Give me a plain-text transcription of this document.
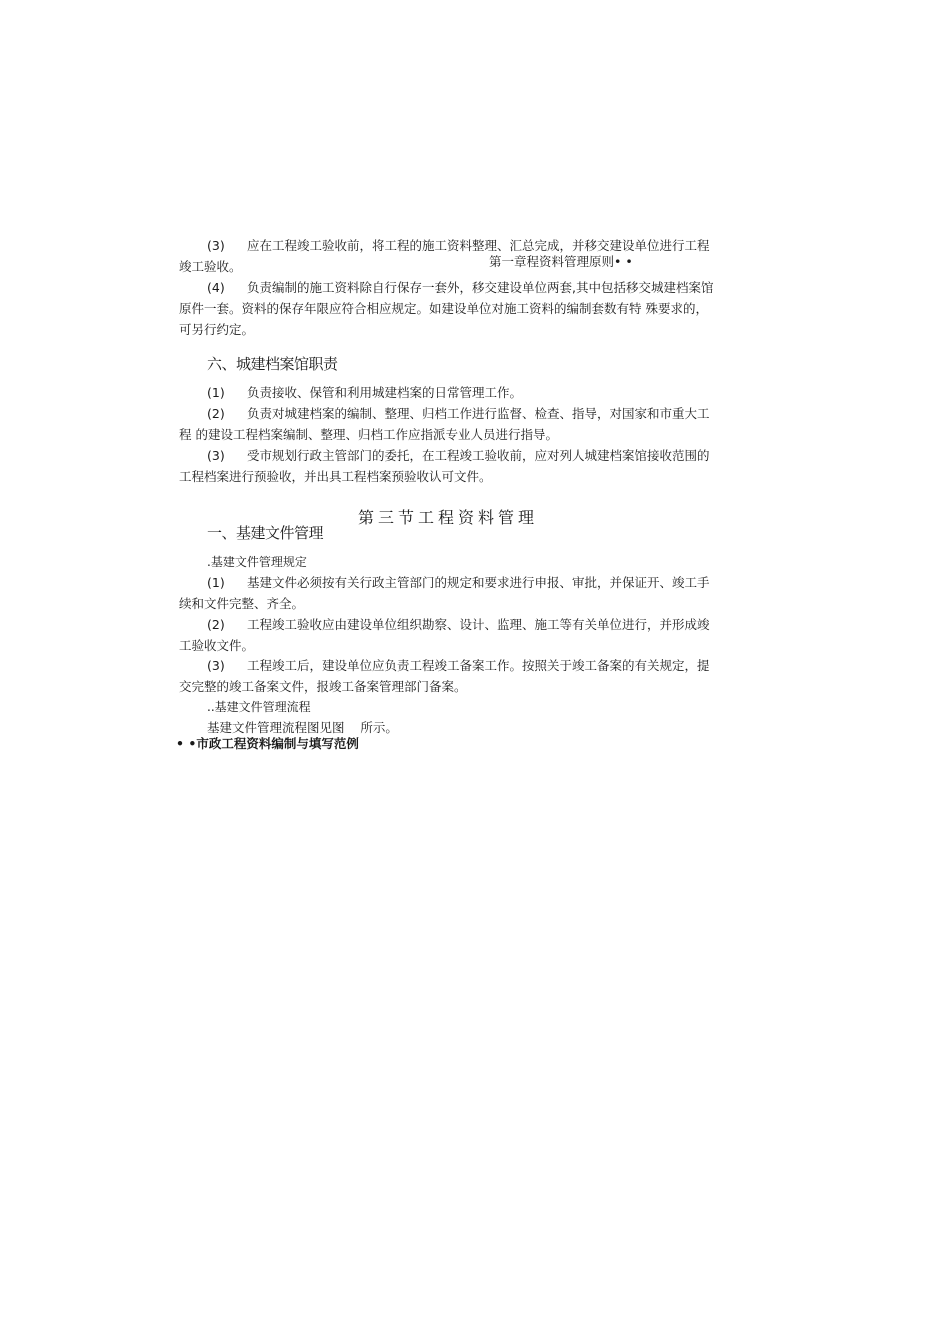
第一章程资料管理原则• •

(3) 应在工程竣工验收前，将工程的施工资料整理、汇总完成，并移交建设单位进行工程 竣工验收。

(4) 负责编制的施工资料除自行保存一套外，移交建设单位两套,其中包括移交城建档案馆原件一套。资料的保存年限应符合相应规定。如建设单位对施工资料的编制套数有特 殊要求的，可另行约定。

六、城建档案馆职责

(1) 负责接收、保管和利用城建档案的日常管理工作。

(2) 负责对城建档案的编制、整理、归档工作进行监督、检查、指导，对国家和市重大工程 的建设工程档案编制、整理、归档工作应指派专业人员进行指导。

(3) 受市规划行政主管部门的委托，在工程竣工验收前，应对列人城建档案馆接收范围的工程档案进行预验收，并出具工程档案预验收认可文件。

第三节工程资料管理
一、基建文件管理
.基建文件管理规定

(1) 基建文件必须按有关行政主管部门的规定和要求进行申报、审批，并保证开、竣工手 续和文件完整、齐全。

(2) 工程竣工验收应由建设单位组织勘察、设计、监理、施工等有关单位进行，并形成竣 工验收文件。

(3) 工程竣工后，建设单位应负责工程竣工备案工作。按照关于竣工备案的有关规定，提交完整的竣工备案文件，报竣工备案管理部门备案。

..基建文件管理流程
基建文件管理流程图见图    所示。
• •市政工程资料编制与填写范例
